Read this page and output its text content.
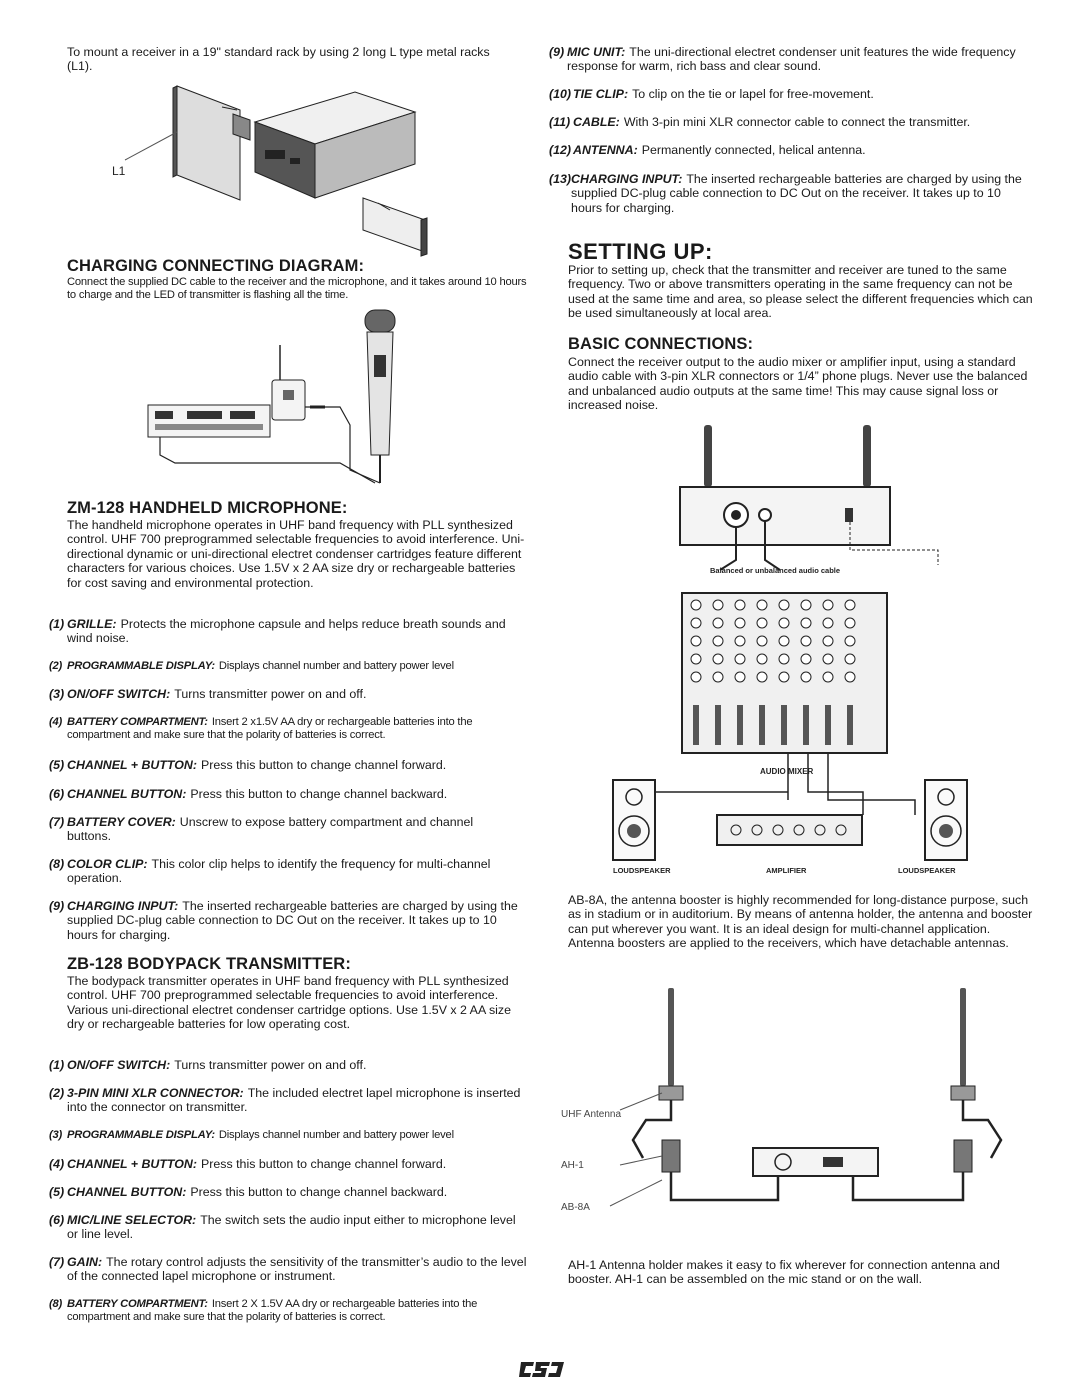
To mount a receiver in a 19" standard rack by using 2 long L type metal racks (L1).
L1
CHARGING CONNECTING DIAGRAM:
Connect the supplied DC cable to the receiver and the microphone, and it takes around 10 hours to charge and the LED of transmitter is flashing all the time.
ZM-128 HANDHELD MICROPHONE:
The handheld microphone operates in UHF band frequency with PLL synthesized control. UHF 700 preprogrammed selectable frequencies to avoid interference. Uni-directional dynamic or uni-directional electret condenser cartridges feature different characters for various choices. Use 1.5V x 2 AA size dry or rechargeable batteries for cost saving and environmental protection.
(1) GRILLE: Protects the microphone capsule and helps reduce breath sounds and wind noise.
(2) PROGRAMMABLE DISPLAY: Displays channel number and battery power level
(3) ON/OFF SWITCH: Turns transmitter power on and off.
(4) BATTERY COMPARTMENT: Insert 2 x1.5V AA dry or rechargeable batteries into the compartment and make sure that the polarity of batteries is correct.
(5) CHANNEL + BUTTON: Press this button to change channel forward.
(6) CHANNEL BUTTON: Press this button to change channel backward.
(7) BATTERY COVER: Unscrew to expose battery compartment and channel buttons.
(8) COLOR CLIP: This color clip helps to identify the frequency for multi-channel operation.
(9) CHARGING INPUT: The inserted rechargeable batteries are charged by using the supplied DC-plug cable connection to DC Out on the receiver. It takes up to 10 hours for charging.
ZB-128 BODYPACK TRANSMITTER:
The bodypack transmitter operates in UHF band frequency with PLL synthesized control. UHF 700 preprogrammed selectable frequencies to avoid interference. Various uni-directional electret condenser cartridge options. Use 1.5V x 2 AA size dry or rechargeable batteries for low operating cost.
(1) ON/OFF SWITCH: Turns transmitter power on and off.
(2) 3-PIN MINI XLR CONNECTOR: The included electret lapel microphone is inserted into the connector on transmitter.
(3) PROGRAMMABLE DISPLAY: Displays channel number and battery power level
(4) CHANNEL + BUTTON: Press this button to change channel forward.
(5) CHANNEL BUTTON: Press this button to change channel backward.
(6) MIC/LINE SELECTOR: The switch sets the audio input either to microphone level or line level.
(7) GAIN: The rotary control adjusts the sensitivity of the transmitter’s audio to the level of the connected lapel microphone or instrument.
(8) BATTERY COMPARTMENT: Insert 2 X 1.5V AA dry or rechargeable batteries into the compartment and make sure that the polarity of batteries is correct.
(9) MIC UNIT: The uni-directional electret condenser unit features the wide frequency response for warm, rich bass and clear sound.
(10) TIE CLIP: To clip on the tie or lapel for free-movement.
(11) CABLE: With 3-pin mini XLR connector cable to connect the transmitter.
(12) ANTENNA: Permanently connected, helical antenna.
(13) CHARGING INPUT: The inserted rechargeable batteries are charged by using the supplied DC-plug cable connection to DC Out on the receiver. It takes up to 10 hours for charging.
SETTING UP:
Prior to setting up, check that the transmitter and receiver are tuned to the same frequency. Two or above transmitters operating in the same frequency can not be used at the same time and area, so please select the different frequencies which can be used simultaneously at local area.
BASIC CONNECTIONS:
Connect the receiver output to the audio mixer or amplifier input, using a standard audio cable with 3-pin XLR connectors or 1/4” phone plugs. Never use the balanced and unbalanced audio outputs at the same time! This may cause signal loss or increased noise.
Balanced or unbalanced audio cable
AUDIO MIXER
LOUDSPEAKER	AMPLIFIER	LOUDSPEAKER
AB-8A, the antenna booster is highly recommended for long-distance purpose, such as in stadium or in auditorium. By means of antenna holder, the antenna and booster can put wherever you want. It is an ideal design for multi-channel application. Antenna boosters are applied to the receivers, which have detachable antennas.
UHF Antenna
AH-1
AB-8A
AH-1 Antenna holder makes it easy to fix wherever for connection antenna and booster. AH-1 can be assembled on the mic stand or on the wall.
